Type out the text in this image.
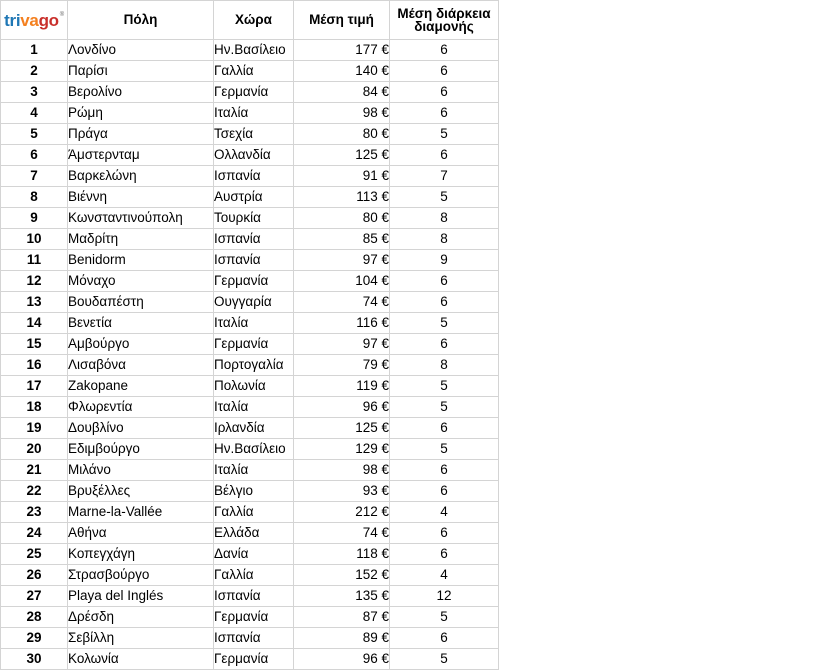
trivago®	Πόλη	Χώρα	Μέση τιμή	Μέση διάρκεια
διαμονής
1	Λονδίνο	Ην.Βασίλειο	177 €	6
2	Παρίσι	Γαλλία	140 €	6
3	Βερολίνο	Γερμανία	84 €	6
4	Ρώμη	Ιταλία	98 €	6
5	Πράγα	Τσεχία	80 €	5
6	Άμστερνταμ	Ολλανδία	125 €	6
7	Βαρκελώνη	Ισπανία	91 €	7
8	Βιέννη	Αυστρία	113 €	5
9	Κωνσταντινούπολη	Τουρκία	80 €	8
10	Μαδρίτη	Ισπανία	85 €	8
11	Benidorm	Ισπανία	97 €	9
12	Μόναχο	Γερμανία	104 €	6
13	Βουδαπέστη	Ουγγαρία	74 €	6
14	Βενετία	Ιταλία	116 €	5
15	Αμβούργο	Γερμανία	97 €	6
16	Λισαβόνα	Πορτογαλία	79 €	8
17	Zakopane	Πολωνία	119 €	5
18	Φλωρεντία	Ιταλία	96 €	5
19	Δουβλίνο	Ιρλανδία	125 €	6
20	Εδιμβούργο	Ην.Βασίλειο	129 €	5
21	Μιλάνο	Ιταλία	98 €	6
22	Βρυξέλλες	Βέλγιο	93 €	6
23	Marne-la-Vallée	Γαλλία	212 €	4
24	Αθήνα	Ελλάδα	74 €	6
25	Κοπεγχάγη	Δανία	118 €	6
26	Στρασβούργο	Γαλλία	152 €	4
27	Playa del Inglés	Ισπανία	135 €	12
28	Δρέσδη	Γερμανία	87 €	5
29	Σεβίλλη	Ισπανία	89 €	6
30	Κολωνία	Γερμανία	96 €	5
